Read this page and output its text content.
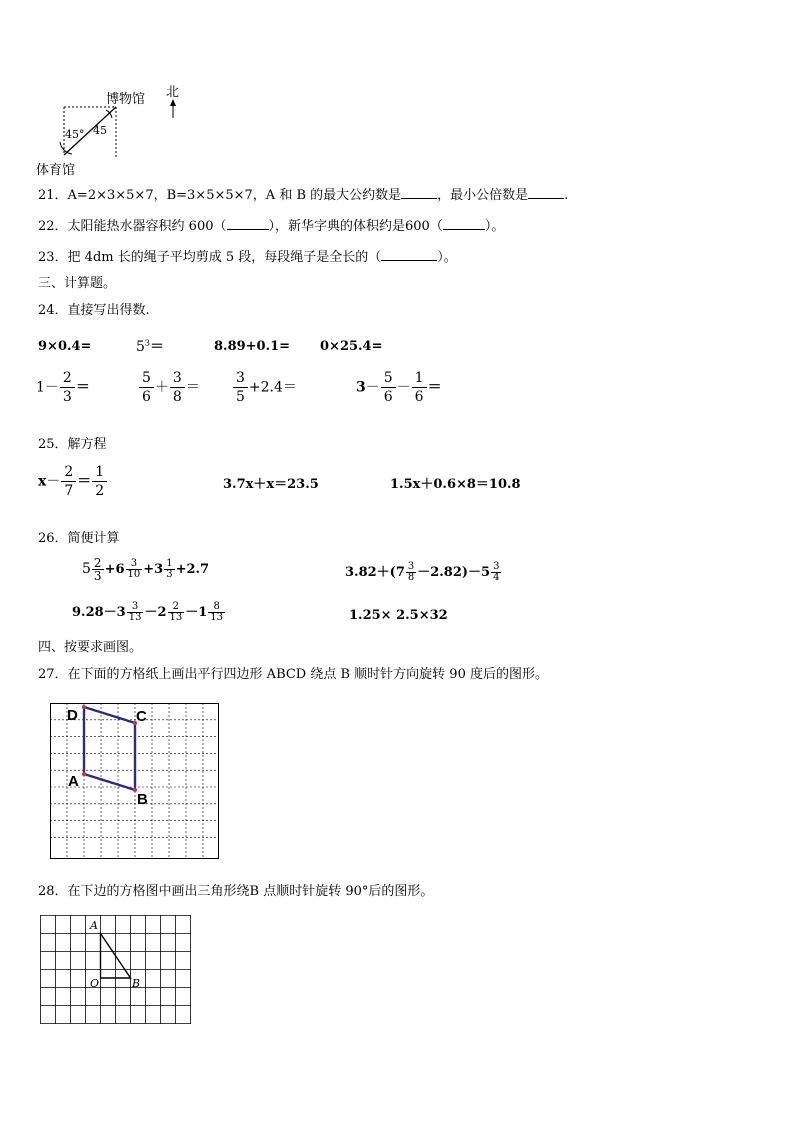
博物馆 北
体育馆
45° 45
21．A=2×3×5×7，B=3×5×5×7，A 和 B 的最大公约数是	，最小公倍数是	.
22．太阳能热水器容积约 600（	），新华字典的体积约是600（	）。
23．把 4dm 长的绳子平均剪成 5 段，每段绳子是全长的（	）。
三、计算题。
24．直接写出得数.
9×0.4=	$5^3=$	8.89+0.1= 0×25.4=
$1- \frac{2}{3}$ ＝	$\frac{5}{6} + \frac{3}{8} = \frac{3}{5} +2.4=$	$3- \frac{5}{6} - \frac{1}{6}$ ＝
25．解方程
$x- \frac{2}{7} = \frac{1}{2}$	3.7x＋x＝23.5	1.5x＋0.6×8＝10.8
26．简便计算
$5 \frac{2}{3} +6 \frac{3}{10} +3 \frac{1}{3} +2.7$	$3.82+(7 \frac{3}{8} -2.82)-5 \frac{3}{4}$
$9.28-3 \frac{3}{13} -2 \frac{2}{13} -1 \frac{8}{13}$	1.25× 2.5×32
四、按要求画图。
27．在下面的方格纸上画出平行四边形 ABCD 绕点 B 顺时针方向旋转 90 度后的图形。
A
B
C
D
28．在下边的方格图中画出三角形绕B 点顺时针旋转 90°后的图形。
A
O	B
